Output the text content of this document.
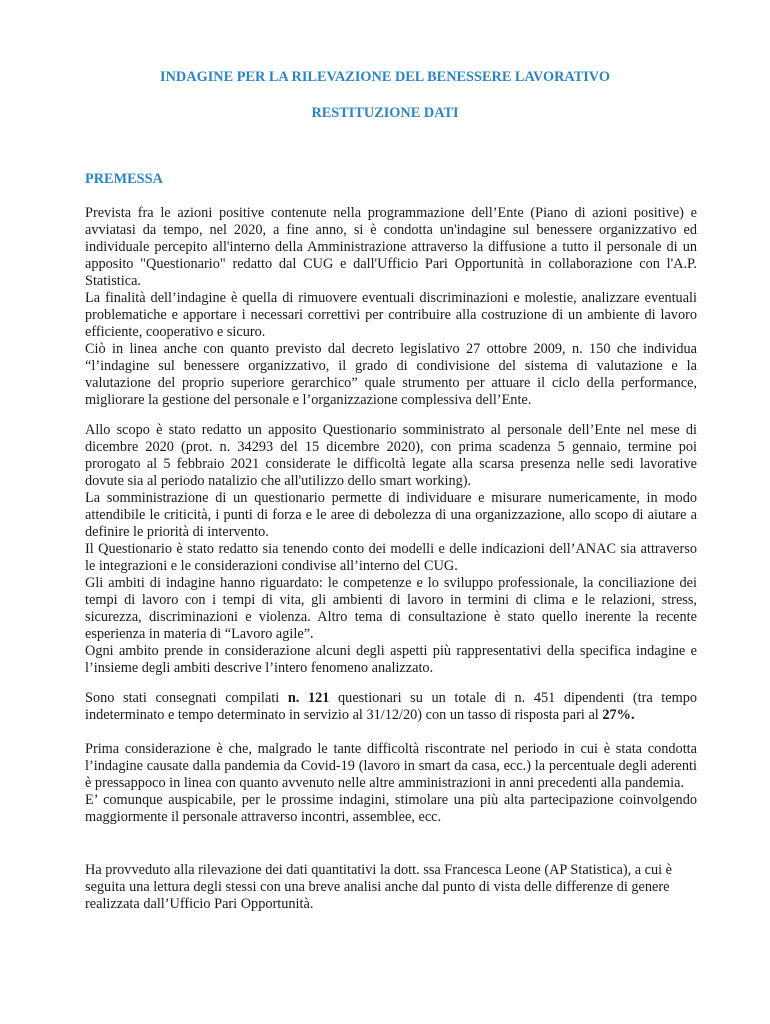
INDAGINE PER LA RILEVAZIONE DEL BENESSERE LAVORATIVO
RESTITUZIONE DATI
PREMESSA

Prevista fra le azioni positive contenute nella programmazione dell’Ente (Piano di azioni positive) e avviatasi da tempo, nel 2020, a fine anno, si è condotta un'indagine sul benessere organizzativo ed individuale percepito all'interno della Amministrazione attraverso la diffusione a tutto il personale di un apposito "Questionario" redatto dal CUG e dall'Ufficio Pari Opportunità in collaborazione con l'A.P. Statistica.

La finalità dell’indagine è quella di rimuovere eventuali discriminazioni e molestie, analizzare eventuali problematiche e apportare i necessari correttivi per contribuire alla costruzione di un ambiente di lavoro efficiente, cooperativo e sicuro.

Ciò in linea anche con quanto previsto dal decreto legislativo 27 ottobre 2009, n. 150 che individua “l’indagine sul benessere organizzativo, il grado di condivisione del sistema di valutazione e la valutazione del proprio superiore gerarchico” quale strumento per attuare il ciclo della performance, migliorare la gestione del personale e l’organizzazione complessiva dell’Ente.

Allo scopo è stato redatto un apposito Questionario somministrato al personale dell’Ente nel mese di dicembre 2020 (prot. n. 34293 del 15 dicembre 2020), con prima scadenza 5 gennaio, termine poi prorogato al 5 febbraio 2021 considerate le difficoltà legate alla scarsa presenza nelle sedi lavorative dovute sia al periodo natalizio che all'utilizzo dello smart working).

La somministrazione di un questionario permette di individuare e misurare numericamente, in modo attendibile le criticità, i punti di forza e le aree di debolezza di una organizzazione, allo scopo di aiutare a definire le priorità di intervento.

Il Questionario è stato redatto sia tenendo conto dei modelli e delle indicazioni dell’ANAC sia attraverso le integrazioni e le considerazioni condivise all’interno del CUG.

Gli ambiti di indagine hanno riguardato: le competenze e lo sviluppo professionale, la conciliazione dei tempi di lavoro con i tempi di vita, gli ambienti di lavoro in termini di clima e le relazioni, stress, sicurezza, discriminazioni e violenza. Altro tema di consultazione è stato quello inerente la recente esperienza in materia di “Lavoro agile”.

Ogni ambito prende in considerazione alcuni degli aspetti più rappresentativi della specifica indagine e l’insieme degli ambiti descrive l’intero fenomeno analizzato.

Sono stati consegnati compilati n. 121 questionari su un totale di n. 451 dipendenti (tra tempo indeterminato e tempo determinato in servizio al 31/12/20) con un tasso di risposta pari al 27%.

Prima considerazione è che, malgrado le tante difficoltà riscontrate nel periodo in cui è stata condotta l’indagine causate dalla pandemia da Covid-19 (lavoro in smart da casa, ecc.) la percentuale degli aderenti è pressappoco in linea con quanto avvenuto nelle altre amministrazioni in anni precedenti alla pandemia.

E’ comunque auspicabile, per le prossime indagini, stimolare una più alta partecipazione coinvolgendo maggiormente il personale attraverso incontri, assemblee, ecc.

Ha provveduto alla rilevazione dei dati quantitativi la dott. ssa Francesca Leone (AP Statistica), a cui è seguita una lettura degli stessi con una breve analisi anche dal punto di vista delle differenze di genere realizzata dall’Ufficio Pari Opportunità.
